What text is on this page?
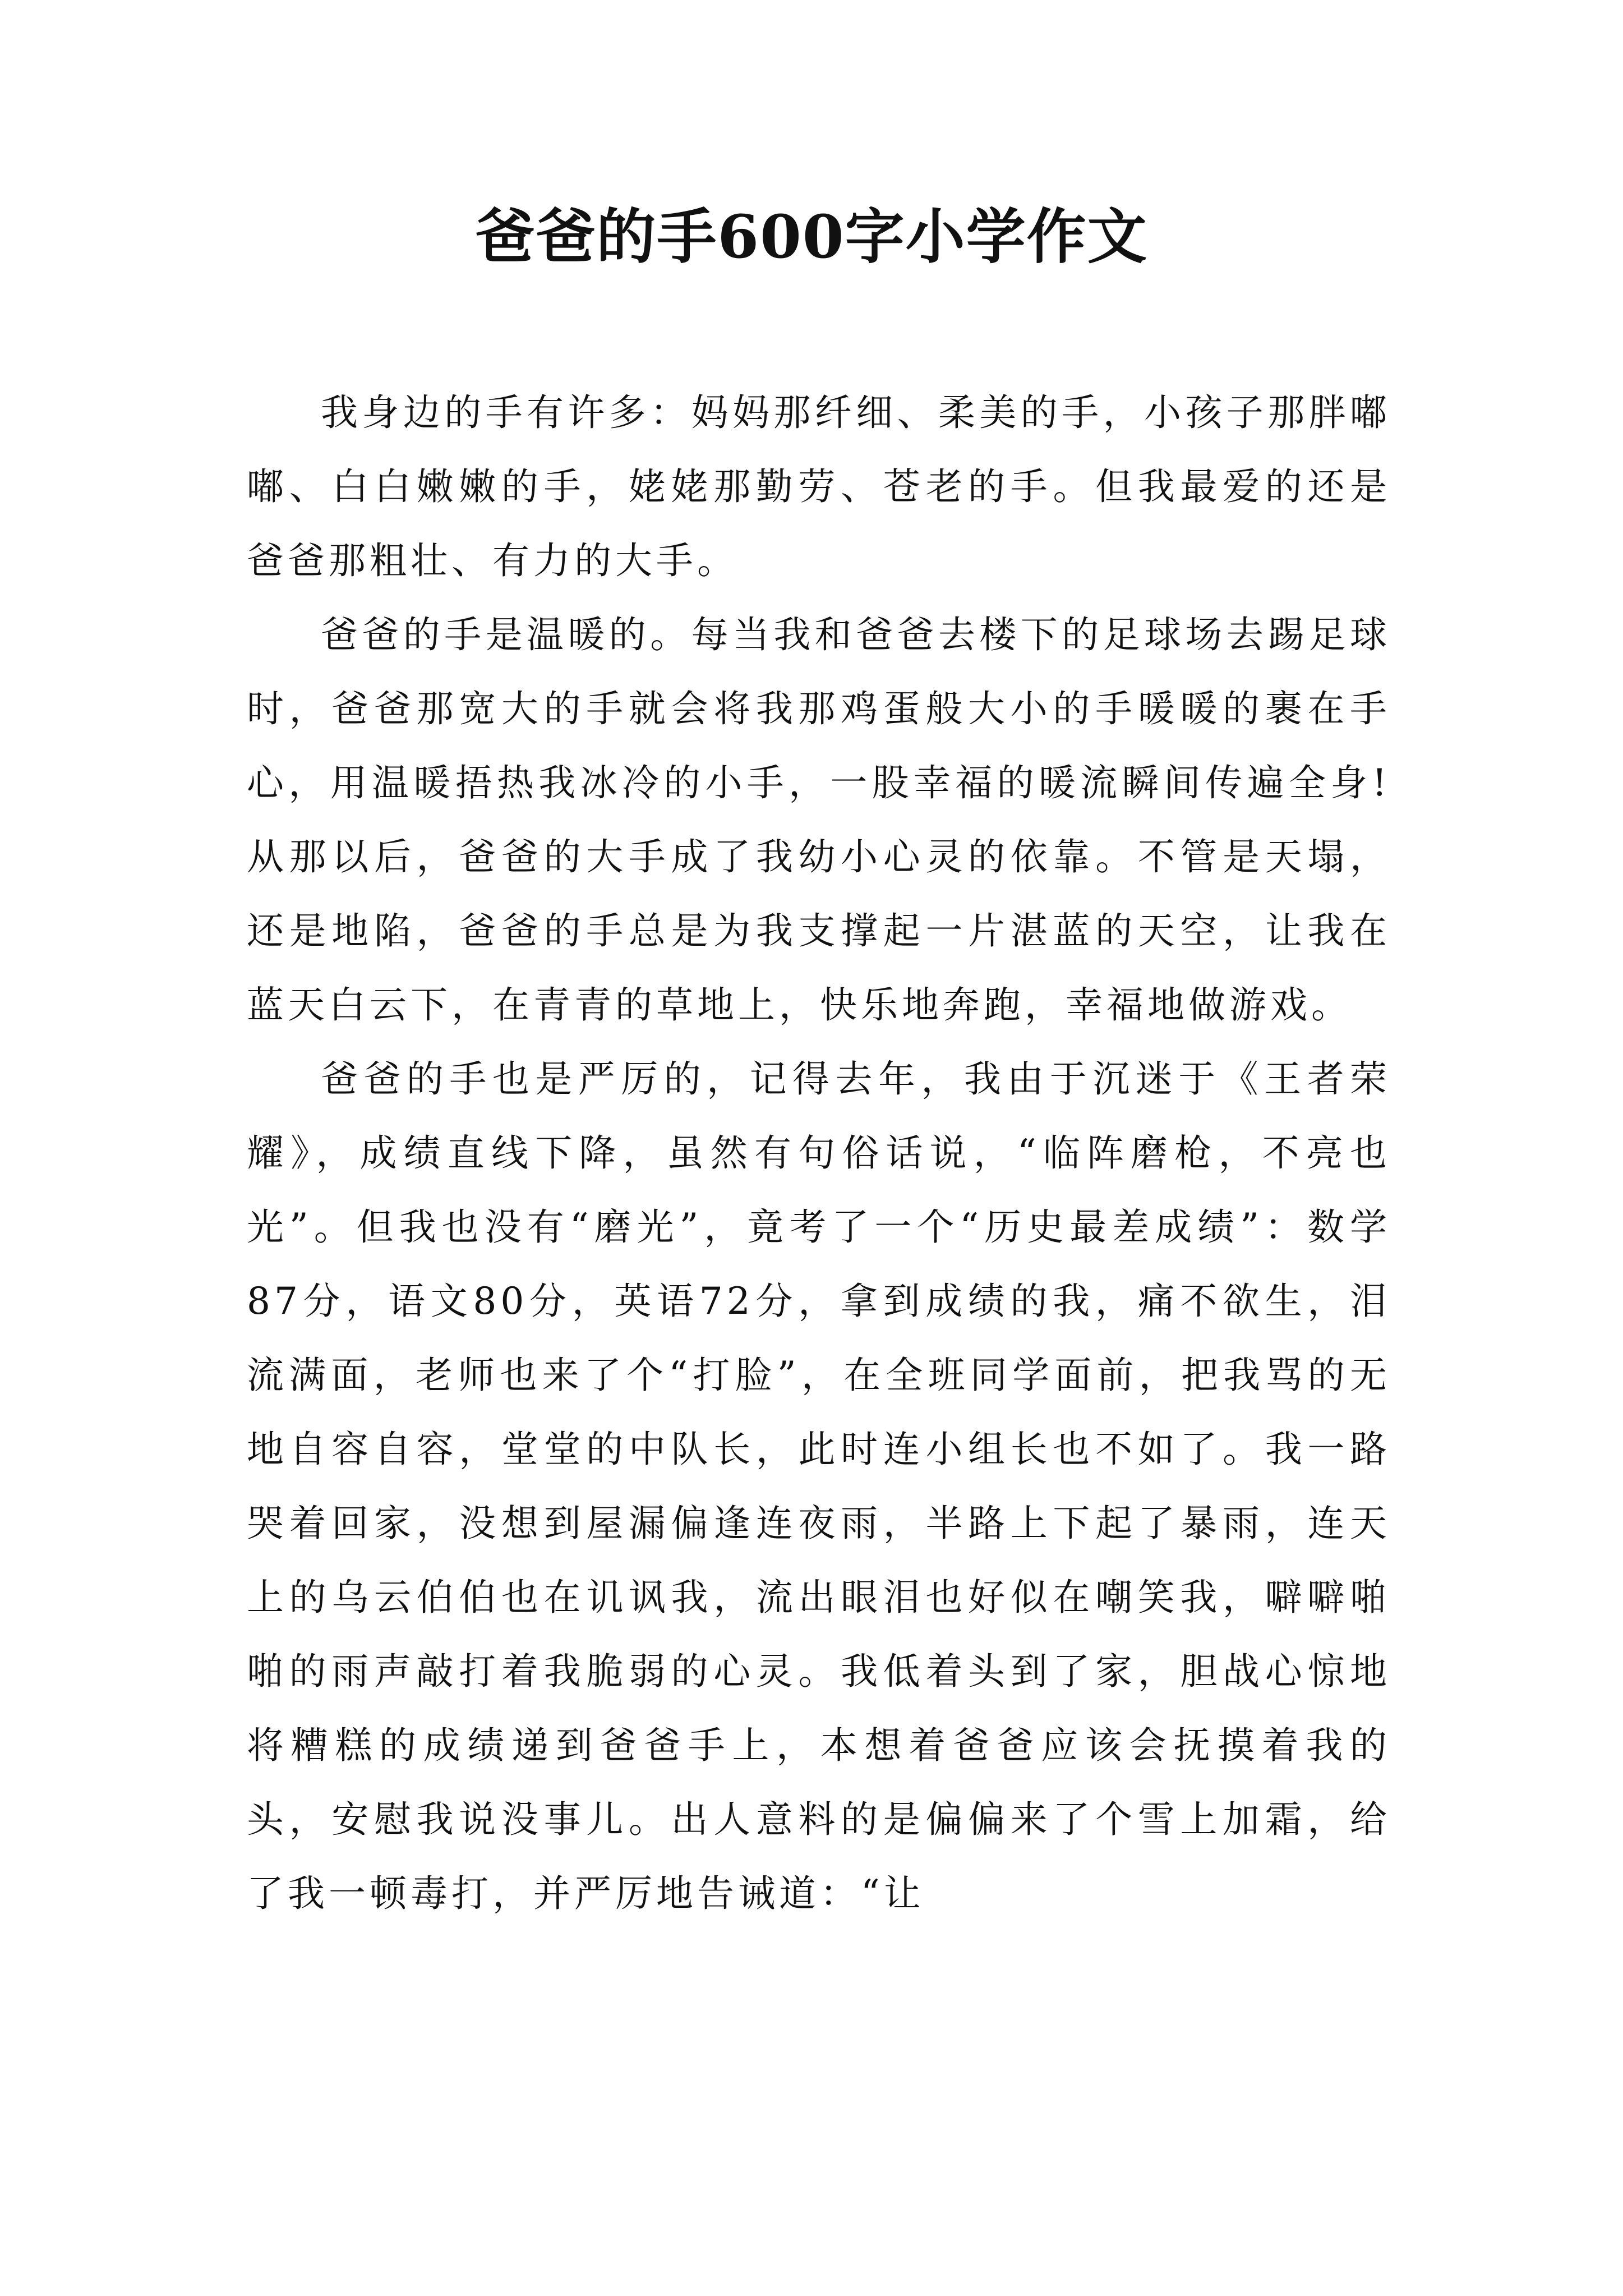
爸爸的手600字小学作文

我身边的手有许多：妈妈那纤细、柔美的手，小孩子那胖嘟嘟、白白嫩嫩的手，姥姥那勤劳、苍老的手。但我最爱的还是爸爸那粗壮、有力的大手。

爸爸的手是温暖的。每当我和爸爸去楼下的足球场去踢足球时，爸爸那宽大的手就会将我那鸡蛋般大小的手暖暖的裹在手心，用温暖捂热我冰冷的小手，一股幸福的暖流瞬间传遍全身!从那以后，爸爸的大手成了我幼小心灵的依靠。不管是天塌，还是地陷，爸爸的手总是为我支撑起一片湛蓝的天空，让我在蓝天白云下，在青青的草地上，快乐地奔跑，幸福地做游戏。

爸爸的手也是严厉的，记得去年，我由于沉迷于《王者荣耀》，成绩直线下降，虽然有句俗话说，“临阵磨枪，不亮也光”。但我也没有“磨光”，竟考了一个“历史最差成绩”：数学87分，语文80分，英语72分，拿到成绩的我，痛不欲生，泪流满面，老师也来了个“打脸”，在全班同学面前，把我骂的无地自容自容，堂堂的中队长，此时连小组长也不如了。我一路哭着回家，没想到屋漏偏逢连夜雨，半路上下起了暴雨，连天上的乌云伯伯也在讥讽我，流出眼泪也好似在嘲笑我，噼噼啪啪的雨声敲打着我脆弱的心灵。我低着头到了家，胆战心惊地将糟糕的成绩递到爸爸手上，本想着爸爸应该会抚摸着我的头，安慰我说没事儿。出人意料的是偏偏来了个雪上加霜，给了我一顿毒打，并严厉地告诫道：“让
